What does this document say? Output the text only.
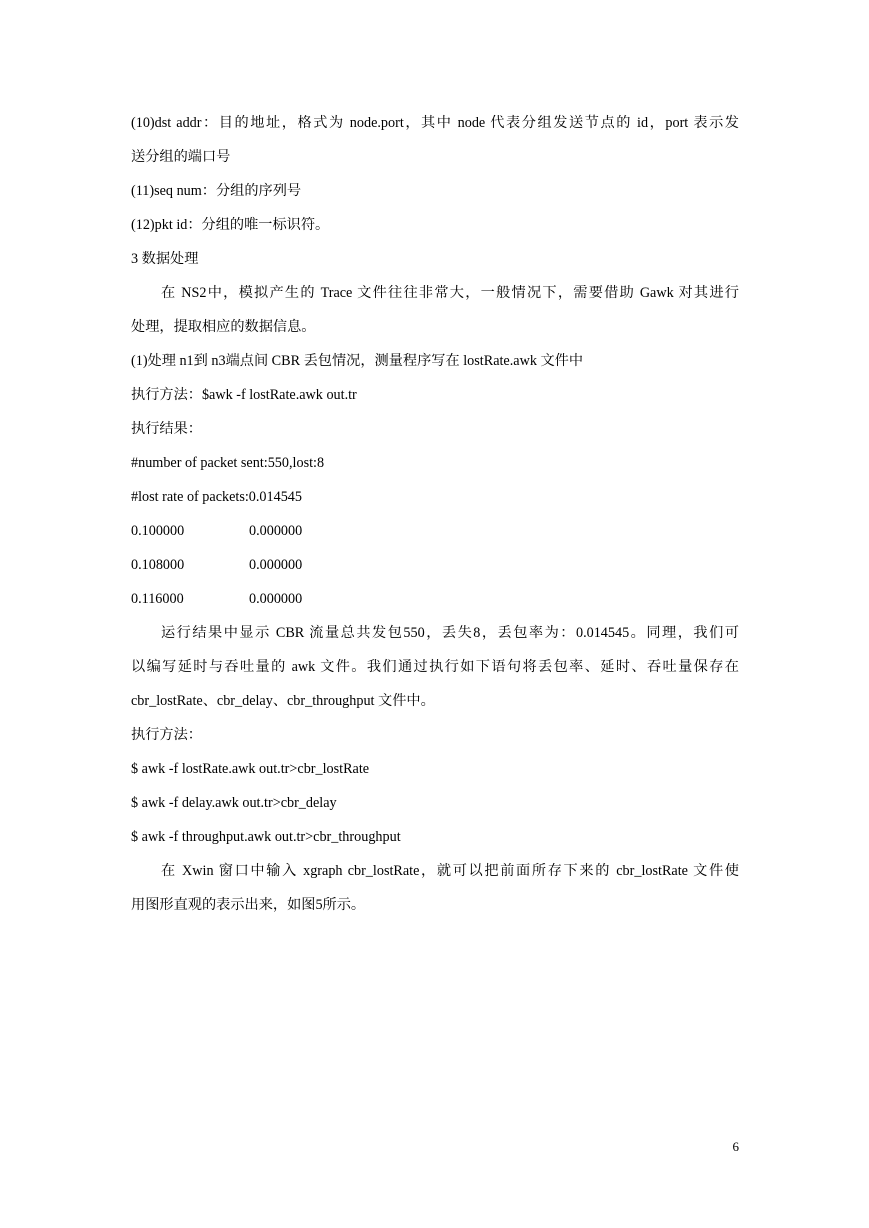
(10)dst addr：目的地址，格式为 node.port，其中 node 代表分组发送节点的 id，port 表示发
送分组的端口号
(11)seq num：分组的序列号
(12)pkt id：分组的唯一标识符。
3 数据处理
在 NS2中，模拟产生的 Trace 文件往往非常大，一般情况下，需要借助 Gawk 对其进行
处理，提取相应的数据信息。
(1)处理 n1到 n3端点间 CBR 丢包情况，测量程序写在 lostRate.awk 文件中
执行方法：$awk -f lostRate.awk out.tr
执行结果：
#number of packet sent:550,lost:8
#lost rate of packets:0.014545
0.100000	0.000000
0.108000	0.000000
0.116000	0.000000
运行结果中显示 CBR 流量总共发包550，丢失8，丢包率为：0.014545。同理，我们可
以编写延时与吞吐量的 awk 文件。我们通过执行如下语句将丢包率、延时、吞吐量保存在
cbr_lostRate、cbr_delay、cbr_throughput 文件中。
执行方法：
$ awk -f lostRate.awk out.tr>cbr_lostRate
$ awk -f delay.awk out.tr>cbr_delay
$ awk -f throughput.awk out.tr>cbr_throughput
在 Xwin 窗口中输入 xgraph cbr_lostRate，就可以把前面所存下来的 cbr_lostRate 文件使
用图形直观的表示出来，如图5所示。
6
